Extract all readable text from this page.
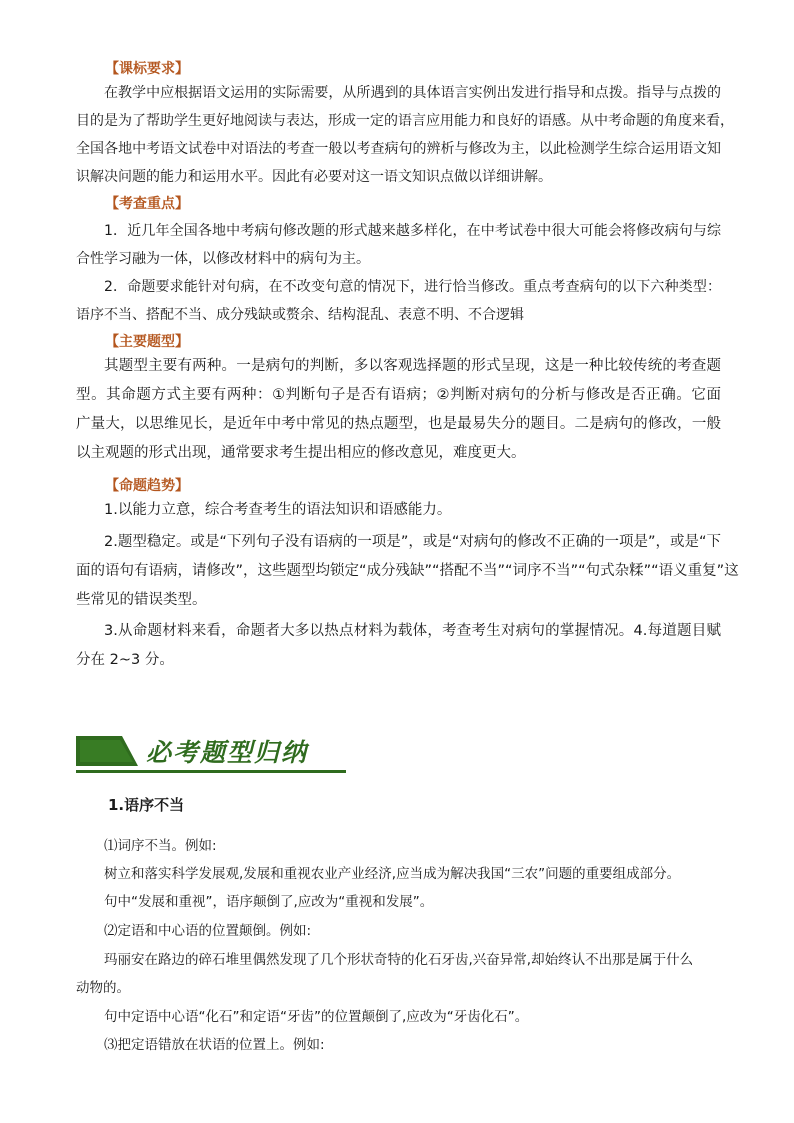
【课标要求】
在教学中应根据语文运用的实际需要，从所遇到的具体语言实例出发进行指导和点拨。指导与点拨的
目的是为了帮助学生更好地阅读与表达，形成一定的语言应用能力和良好的语感。从中考命题的角度来看，
全国各地中考语文试卷中对语法的考查一般以考查病句的辨析与修改为主，以此检测学生综合运用语文知
识解决问题的能力和运用水平。因此有必要对这一语文知识点做以详细讲解。
【考查重点】
1．近几年全国各地中考病句修改题的形式越来越多样化，在中考试卷中很大可能会将修改病句与综
合性学习融为一体，以修改材料中的病句为主。
2．命题要求能针对句病，在不改变句意的情况下，进行恰当修改。重点考查病句的以下六种类型：
语序不当、搭配不当、成分残缺或赘余、结构混乱、表意不明、不合逻辑
【主要题型】
其题型主要有两种。一是病句的判断，多以客观选择题的形式呈现，这是一种比较传统的考查题
型。其命题方式主要有两种：①判断句子是否有语病；②判断对病句的分析与修改是否正确。它面
广量大，以思维见长，是近年中考中常见的热点题型，也是最易失分的题目。二是病句的修改，一般
以主观题的形式出现，通常要求考生提出相应的修改意见，难度更大。
【命题趋势】
1.以能力立意，综合考查考生的语法知识和语感能力。
2.题型稳定。或是“下列句子没有语病的一项是”，或是“对病句的修改不正确的一项是”，或是“下
面的语句有语病，请修改”，这些题型均锁定“成分残缺”“搭配不当”“词序不当”“句式杂糅”“语义重复”这
些常见的错误类型。
3.从命题材料来看，命题者大多以热点材料为载体，考查考生对病句的掌握情况。4.每道题目赋
分在 2~3 分。
必考题型归纳
1.语序不当
⑴词序不当。例如:
树立和落实科学发展观,发展和重视农业产业经济,应当成为解决我国“三农”问题的重要组成部分。
句中“发展和重视”，语序颠倒了,应改为“重视和发展”。
⑵定语和中心语的位置颠倒。例如:
玛丽安在路边的碎石堆里偶然发现了几个形状奇特的化石牙齿,兴奋异常,却始终认不出那是属于什么
动物的。
句中定语中心语“化石”和定语“牙齿”的位置颠倒了,应改为“牙齿化石”。
⑶把定语错放在状语的位置上。例如:
